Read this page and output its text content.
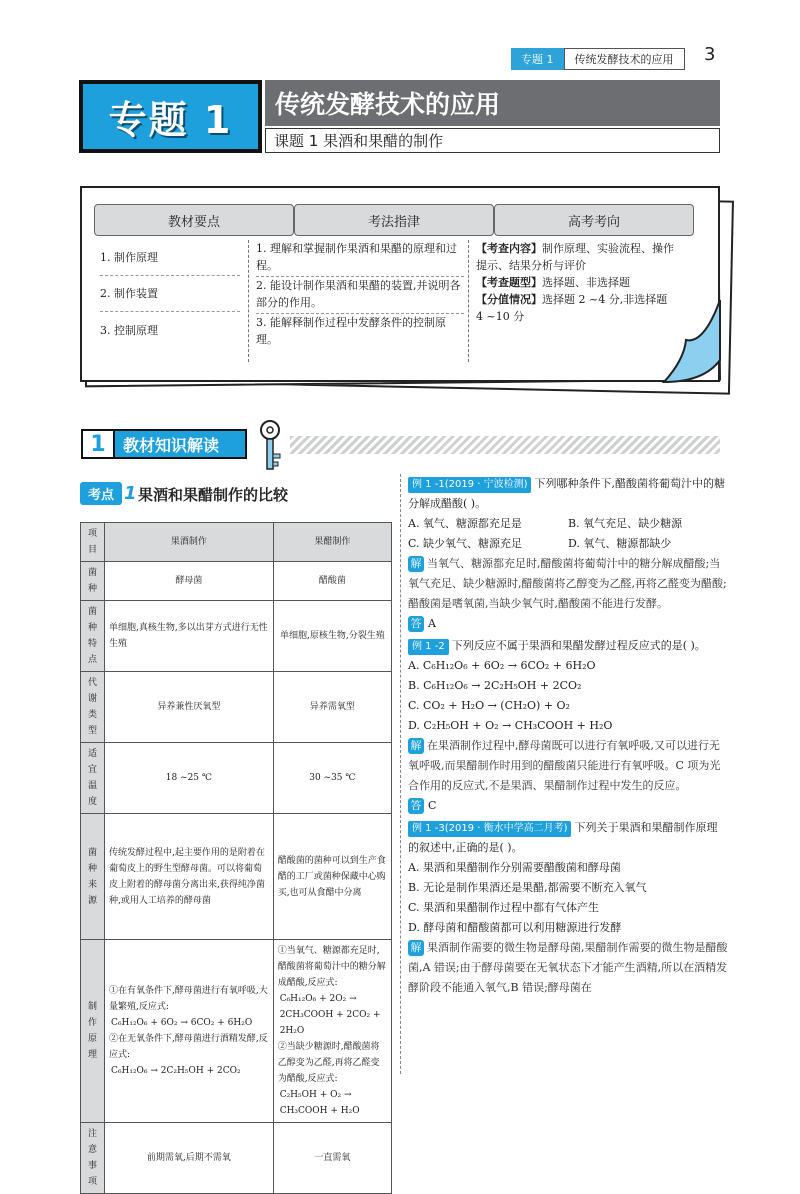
专题 1	传统发酵技术的应用	3
专题 1 传统发酵技术的应用
课题 1 果酒和果醋的制作
教材要点	考法指津	高考考向
1. 制作原理
2. 制作装置
3. 控制原理
1. 理解和掌握制作果酒和果醋的原理和过程。
2. 能设计制作果酒和果醋的装置,并说明各部分的作用。
3. 能解释制作过程中发酵条件的控制原理。
【考查内容】制作原理、实验流程、操作提示、结果分析与评价
【考查题型】选择题、非选择题
【分值情况】选择题 2 ~4 分,非选择题 4 ~10 分
1	教材知识解读
考点 1 果酒和果醋制作的比较
项目	果酒制作	果醋制作
菌种	酵母菌	醋酸菌
菌种特点	单细胞,真核生物,多以出芽方式进行无性生殖	单细胞,原核生物,分裂生殖
代谢类型	异养兼性厌氧型	异养需氧型
适宜温度	18 ~25 ℃	30 ~35 ℃
菌种来源	传统发酵过程中,起主要作用的是附着在葡萄皮上的野生型酵母菌。可以将葡萄皮上附着的酵母菌分离出来,获得纯净菌种,或用人工培养的酵母菌	醋酸菌的菌种可以到生产食醋的工厂或菌种保藏中心购买,也可从食醋中分离
制作原理	①在有氧条件下,酵母菌进行有氧呼吸,大量繁殖,反应式:
C₆H₁₂O₆ + 6O₂ → 6CO₂ + 6H₂O
②在无氧条件下,酵母菌进行酒精发酵,反应式:
C₆H₁₂O₆ → 2C₂H₅OH + 2CO₂	①当氧气、糖源都充足时,醋酸菌将葡萄汁中的糖分解成醋酸,反应式:
C₆H₁₂O₆ + 2O₂ → 2CH₃COOH + 2CO₂ + 2H₂O
②当缺少糖源时,醋酸菌将乙醇变为乙醛,再将乙醛变为醋酸,反应式:
C₂H₅OH + O₂ → CH₃COOH + H₂O

注意事项	前期需氧,后期不需氧	一直需氧
例 1 -1(2019 · 宁波检测) 下列哪种条件下,醋酸菌将葡萄汁中的糖分解成醋酸( )。
A. 氧气、糖源都充足是	B. 氧气充足、缺少糖源
C. 缺少氧气、糖源充足	D. 氧气、糖源都缺少
解 当氧气、糖源都充足时,醋酸菌将葡萄汁中的糖分解成醋酸;当氧气充足、缺少糖源时,醋酸菌将乙醇变为乙醛,再将乙醛变为醋酸;醋酸菌是嗜氧菌,当缺少氧气时,醋酸菌不能进行发酵。
答 A
例 1 -2 下列反应不属于果酒和果醋发酵过程反应式的是( )。
A. C₆H₁₂O₆ + 6O₂ → 6CO₂ + 6H₂O
B. C₆H₁₂O₆ → 2C₂H₅OH + 2CO₂
C. CO₂ + H₂O → (CH₂O) + O₂
D. C₂H₅OH + O₂ → CH₃COOH + H₂O
解 在果酒制作过程中,酵母菌既可以进行有氧呼吸,又可以进行无氧呼吸,而果醋制作时用到的醋酸菌只能进行有氧呼吸。C 项为光合作用的反应式,不是果酒、果醋制作过程中发生的反应。
答 C
例 1 -3(2019 · 衡水中学高二月考) 下列关于果酒和果醋制作原理的叙述中,正确的是( )。
A. 果酒和果醋制作分别需要醋酸菌和酵母菌
B. 无论是制作果酒还是果醋,都需要不断充入氧气
C. 果酒和果醋制作过程中都有气体产生
D. 酵母菌和醋酸菌都可以利用糖源进行发酵
解 果酒制作需要的微生物是酵母菌,果醋制作需要的微生物是醋酸菌,A 错误;由于酵母菌要在无氧状态下才能产生酒精,所以在酒精发酵阶段不能通入氧气,B 错误;酵母菌在
